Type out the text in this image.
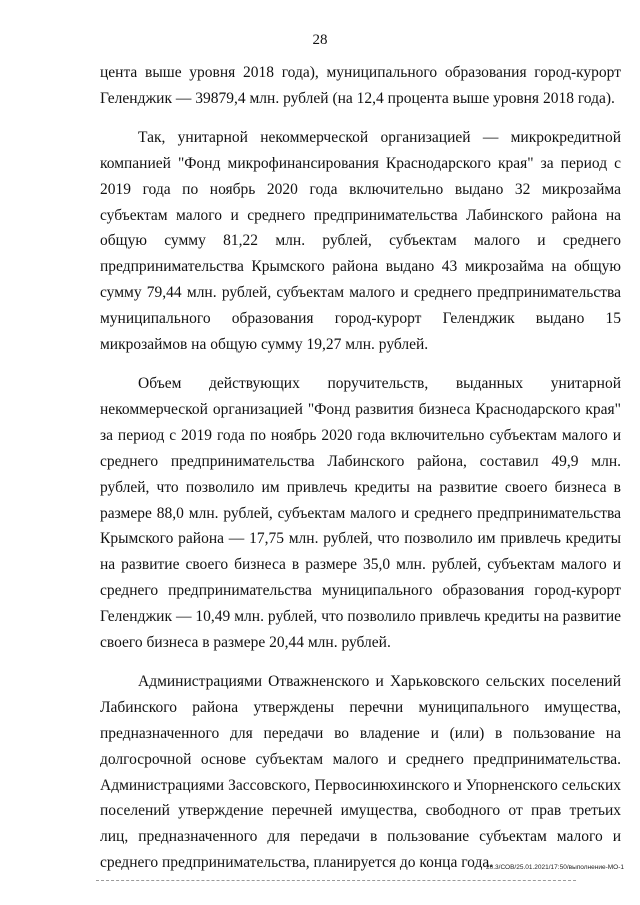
28

цента выше уровня 2018 года), муниципального образования город-курорт Геленджик — 39879,4 млн. рублей (на 12,4 процента выше уровня 2018 года).

Так, унитарной некоммерческой организацией — микрокредитной компанией "Фонд микрофинансирования Краснодарского края" за период с 2019 года по ноябрь 2020 года включительно выдано 32 микрозайма субъектам малого и среднего предпринимательства Лабинского района на общую сумму 81,22 млн. рублей, субъектам малого и среднего предпринимательства Крымского района выдано 43 микрозайма на общую сумму 79,44 млн. рублей, субъектам малого и среднего предпринимательства муниципального образования город-курорт Геленджик выдано 15 микрозаймов на общую сумму 19,27 млн. рублей.

Объем действующих поручительств, выданных унитарной некоммерческой организацией "Фонд развития бизнеса Краснодарского края" за период с 2019 года по ноябрь 2020 года включительно субъектам малого и среднего предпринимательства Лабинского района, составил 49,9 млн. рублей, что позволило им привлечь кредиты на развитие своего бизнеса в размере 88,0 млн. рублей, субъектам малого и среднего предпринимательства Крымского района — 17,75 млн. рублей, что позволило им привлечь кредиты на развитие своего бизнеса в размере 35,0 млн. рублей, субъектам малого и среднего предпринимательства муниципального образования город-курорт Геленджик — 10,49 млн. рублей, что позволило привлечь кредиты на развитие своего бизнеса в размере 20,44 млн. рублей.

Администрациями Отважненского и Харьковского сельских поселений Лабинского района утверждены перечни муниципального имущества, предназначенного для передачи во владение и (или) в пользование на долгосрочной основе субъектам малого и среднего предпринимательства. Администрациями Зассовского, Первосинюхинского и Упорненского сельских поселений утверждение перечней имущества, свободного от прав третьих лиц, предназначенного для передачи в пользование субъектам малого и среднего предпринимательства, планируется до конца года.

20.3/СОВ/25.01.2021/17:50/выполнение-МО-1
